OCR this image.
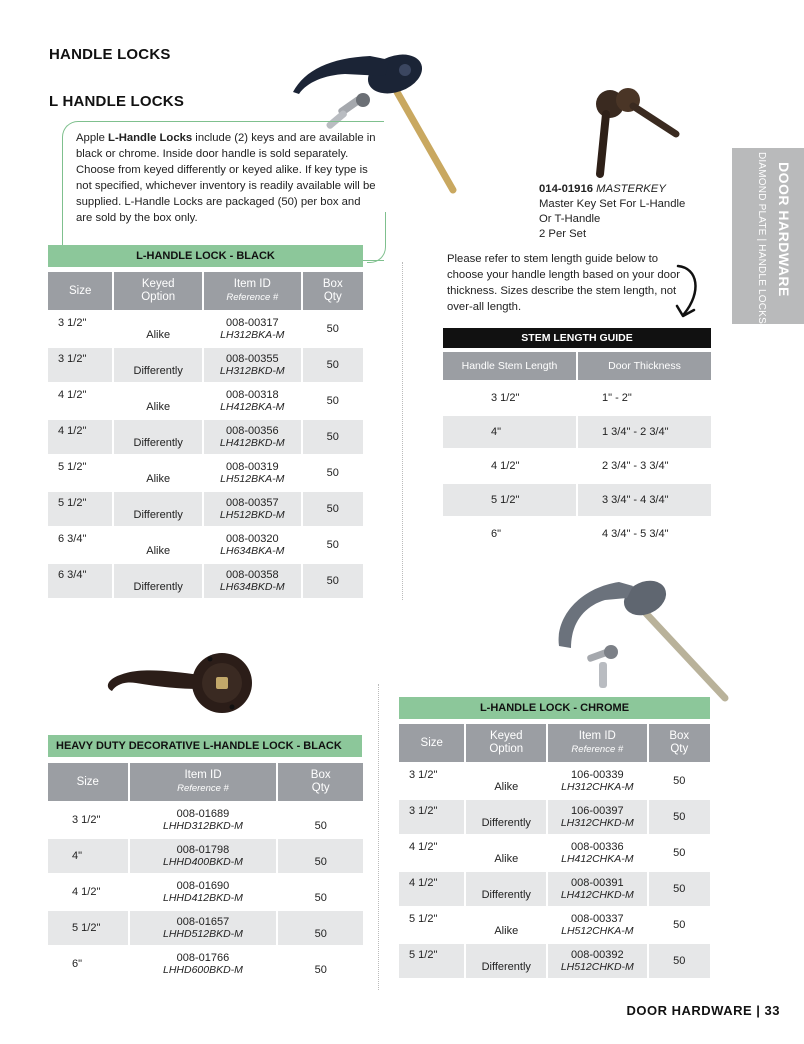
HANDLE LOCKS
L HANDLE LOCKS
Apple L-Handle Locks include (2) keys and are available in black or chrome. Inside door handle is sold separately. Choose from keyed differently or keyed alike. If key type is not specified, whichever inventory is readily available will be supplied. L-Handle Locks are packaged (50) per box and are sold by the box only.
014-01916 MASTERKEY
Master Key Set For L-Handle
Or T-Handle
2 Per Set	DOOR HARDWARE
DIAMOND PLATE | HANDLE LOCKS
Please refer to stem length guide below to choose your handle length based on your door thickness. Sizes describe the stem length, not over-all length.
L-HANDLE LOCK - BLACK
Size	Keyed
Option	Item ID
Reference #	Box
Qty
3 1/2"	Alike	008-00317
LH312BKA-M	50
3 1/2"	Differently	008-00355
LH312BKD-M	50
4 1/2"	Alike	008-00318
LH412BKA-M	50
4 1/2"	Differently	008-00356
LH412BKD-M	50
5 1/2"	Alike	008-00319
LH512BKA-M	50
5 1/2"	Differently	008-00357
LH512BKD-M	50
6 3/4"	Alike	008-00320
LH634BKA-M	50
6 3/4"	Differently	008-00358
LH634BKD-M	50
STEM LENGTH GUIDE
Handle Stem Length	Door Thickness
3 1/2"	1" - 2"
4"	1 3/4" - 2 3/4"
4 1/2"	2 3/4" - 3 3/4"
5 1/2"	3 3/4" - 4 3/4"
6"	4 3/4" - 5 3/4"
HEAVY DUTY DECORATIVE L-HANDLE LOCK - BLACK
Size	Item ID
Reference #	Box
Qty
3 1/2"	008-01689
LHHD312BKD-M	50
4"	008-01798
LHHD400BKD-M	50
4 1/2"	008-01690
LHHD412BKD-M	50
5 1/2"	008-01657
LHHD512BKD-M	50
6"	008-01766
LHHD600BKD-M	50
L-HANDLE LOCK - CHROME
Size	Keyed
Option	Item ID
Reference #	Box
Qty
3 1/2"	Alike	106-00339
LH312CHKA-M	50
3 1/2"	Differently	106-00397
LH312CHKD-M	50
4 1/2"	Alike	008-00336
LH412CHKA-M	50
4 1/2"	Differently	008-00391
LH412CHKD-M	50
5 1/2"	Alike	008-00337
LH512CHKA-M	50
5 1/2"	Differently	008-00392
LH512CHKD-M	50
DOOR HARDWARE | 33
